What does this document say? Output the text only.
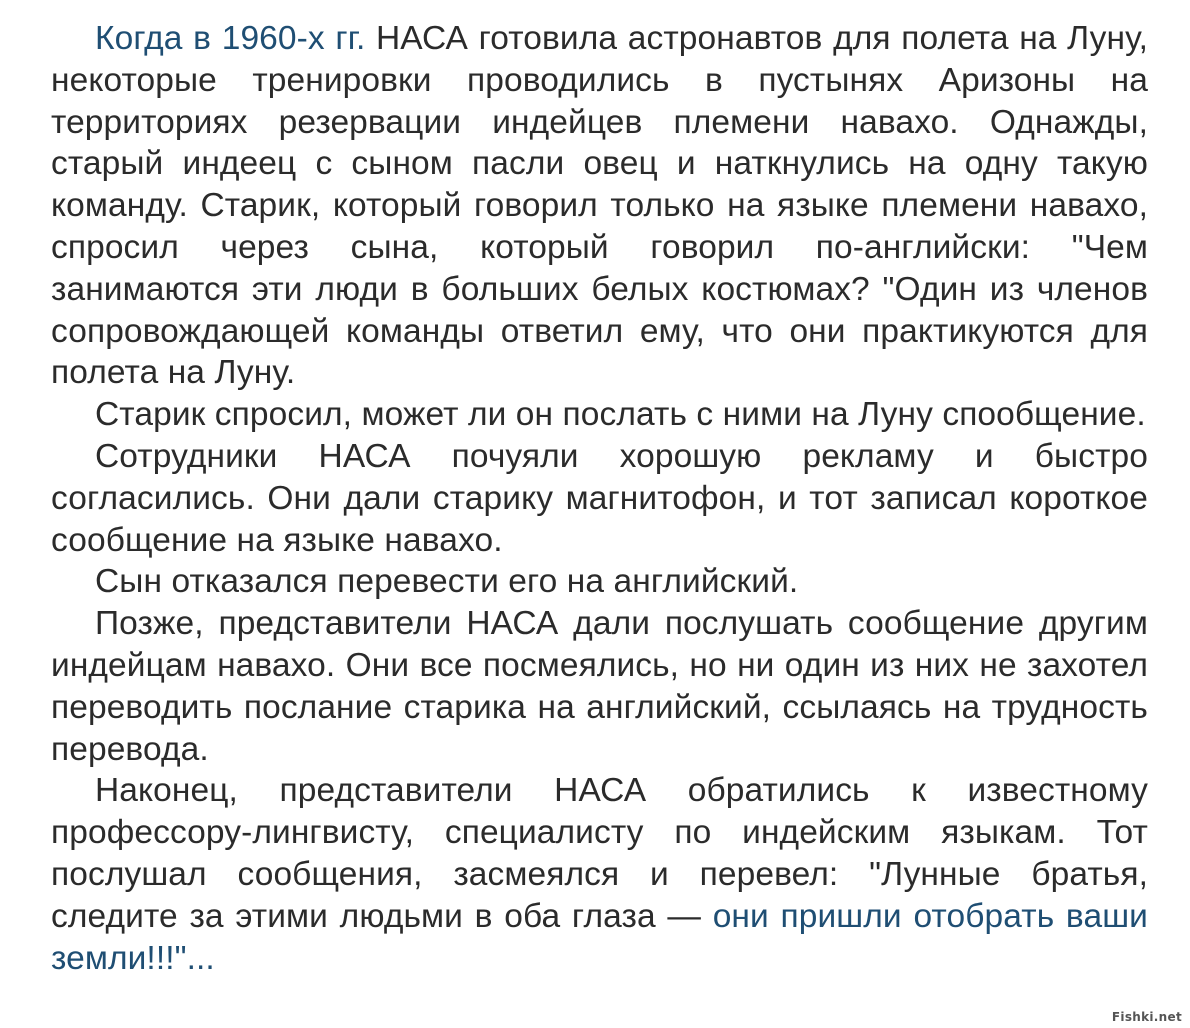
Когда в 1960-х гг. НАСА готовила астронавтов для полета на Луну, некоторые тренировки проводились в пустынях Аризоны на территориях резервации индейцев племени навахо. Однажды, старый индеец с сыном пасли овец и наткнулись на одну такую команду. Старик, который говорил только на языке племени навахо, спросил через сына, который говорил по-английски: "Чем занимаются эти люди в больших белых костюмах? "Один из членов сопровождающей команды ответил ему, что они практикуются для полета на Луну.

Старик спросил, может ли он послать с ними на Луну спообщение.

Сотрудники НАСА почуяли хорошую рекламу и быстро согласились. Они дали старику магнитофон, и тот записал короткое сообщение на языке навахо.

Сын отказался перевести его на английский.

Позже, представители НАСА дали послушать сообщение другим индейцам навахо. Они все посмеялись, но ни один из них не захотел переводить послание старика на английский, ссылаясь на трудность перевода.

Наконец, представители НАСА обратились к известному профессору-лингвисту, специалисту по индейским языкам. Тот послушал сообщения, засмеялся и перевел: "Лунные братья, следите за этими людьми в оба глаза — они пришли отобрать ваши земли!!!"...

Fishki.net
